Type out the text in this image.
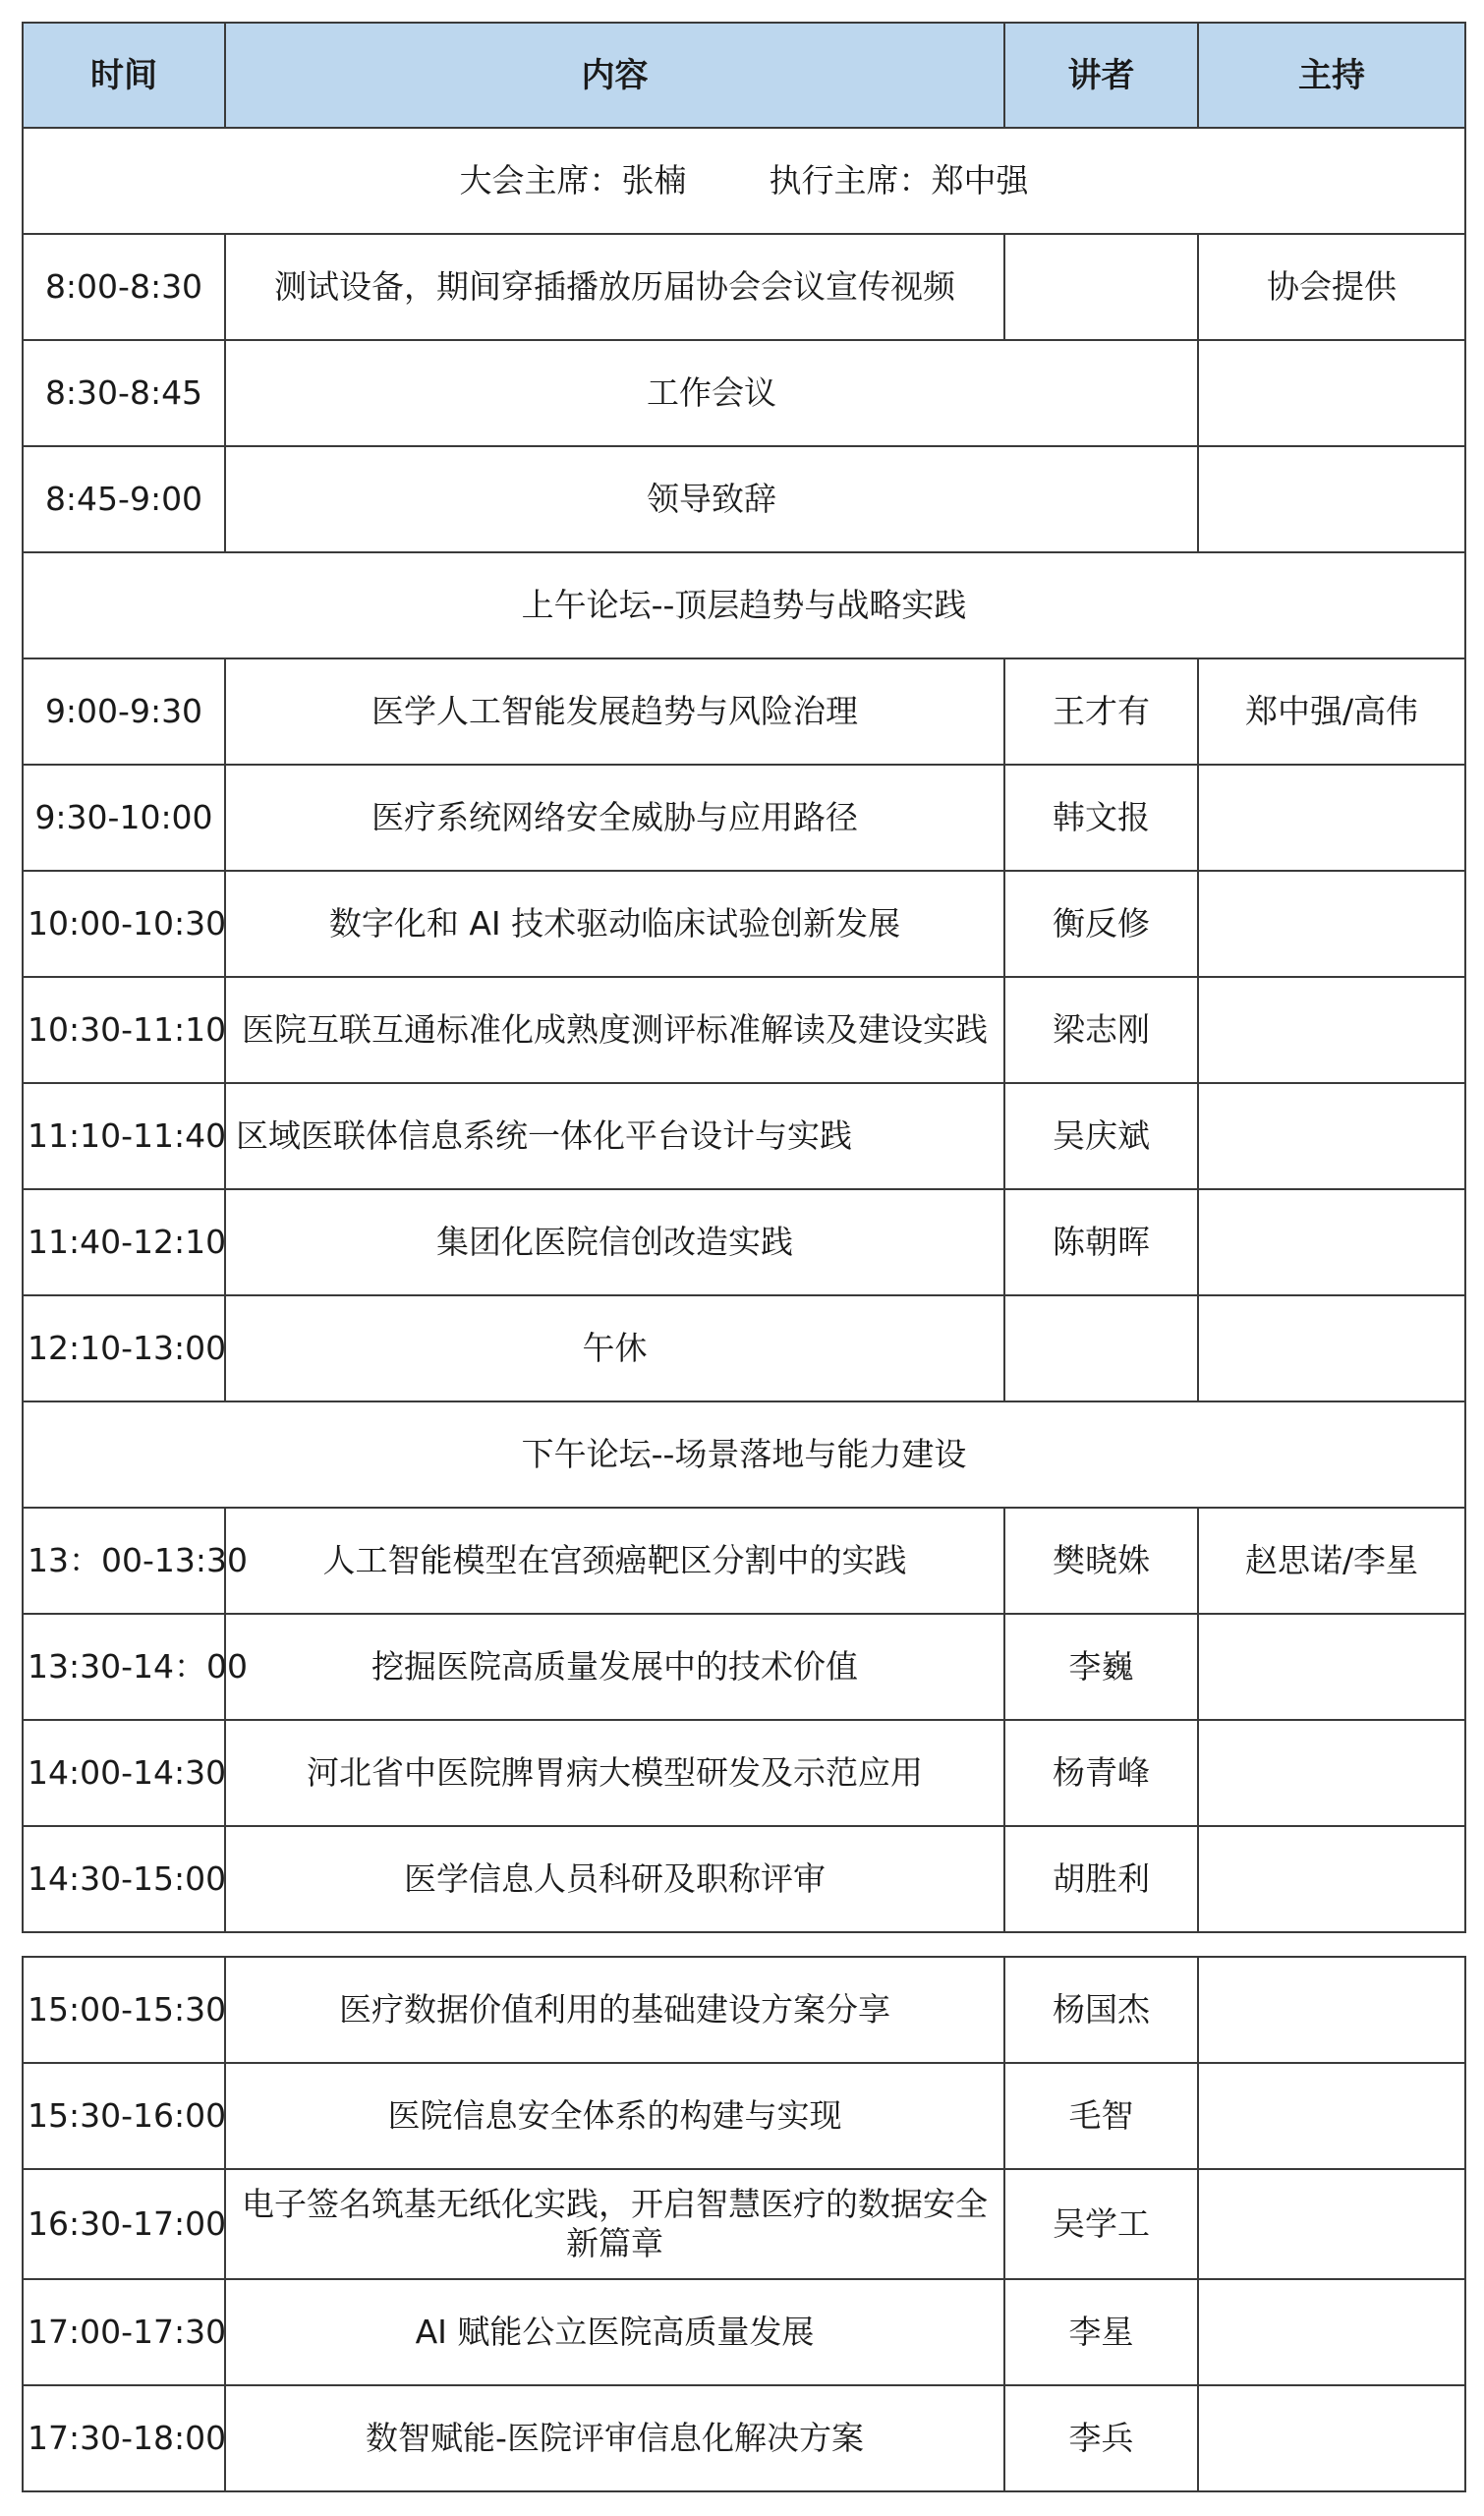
时间	内容	讲者	主持
大会主席：张楠        执行主席：郑中强			
8:00-8:30	测试设备，期间穿插播放历届协会会议宣传视频		协会提供
8:30-8:45	工作会议		
8:45-9:00	领导致辞		
上午论坛--顶层趋势与战略实践			
9:00-9:30	医学人工智能发展趋势与风险治理	王才有	郑中强/高伟
9:30-10:00	医疗系统网络安全威胁与应用路径	韩文报	
10:00-10:30	数字化和 AI 技术驱动临床试验创新发展	衡反修	
10:30-11:10	医院互联互通标准化成熟度测评标准解读及建设实践	梁志刚	
11:10-11:40	区域医联体信息系统一体化平台设计与实践	吴庆斌	
11:40-12:10	集团化医院信创改造实践	陈朝晖	
12:10-13:00	午休		
下午论坛--场景落地与能力建设			
13：00-13:30	人工智能模型在宫颈癌靶区分割中的实践	樊晓姝	赵思诺/李星
13:30-14：00	挖掘医院高质量发展中的技术价值	李巍	
14:00-14:30	河北省中医院脾胃病大模型研发及示范应用	杨青峰	
14:30-15:00	医学信息人员科研及职称评审	胡胜利	
15:00-15:30	医疗数据价值利用的基础建设方案分享	杨国杰	
15:30-16:00	医院信息安全体系的构建与实现	毛智	
16:30-17:00	电子签名筑基无纸化实践，开启智慧医疗的数据安全新篇章	吴学工	
17:00-17:30	AI 赋能公立医院高质量发展	李星	
17:30-18:00	数智赋能-医院评审信息化解决方案	李兵	
